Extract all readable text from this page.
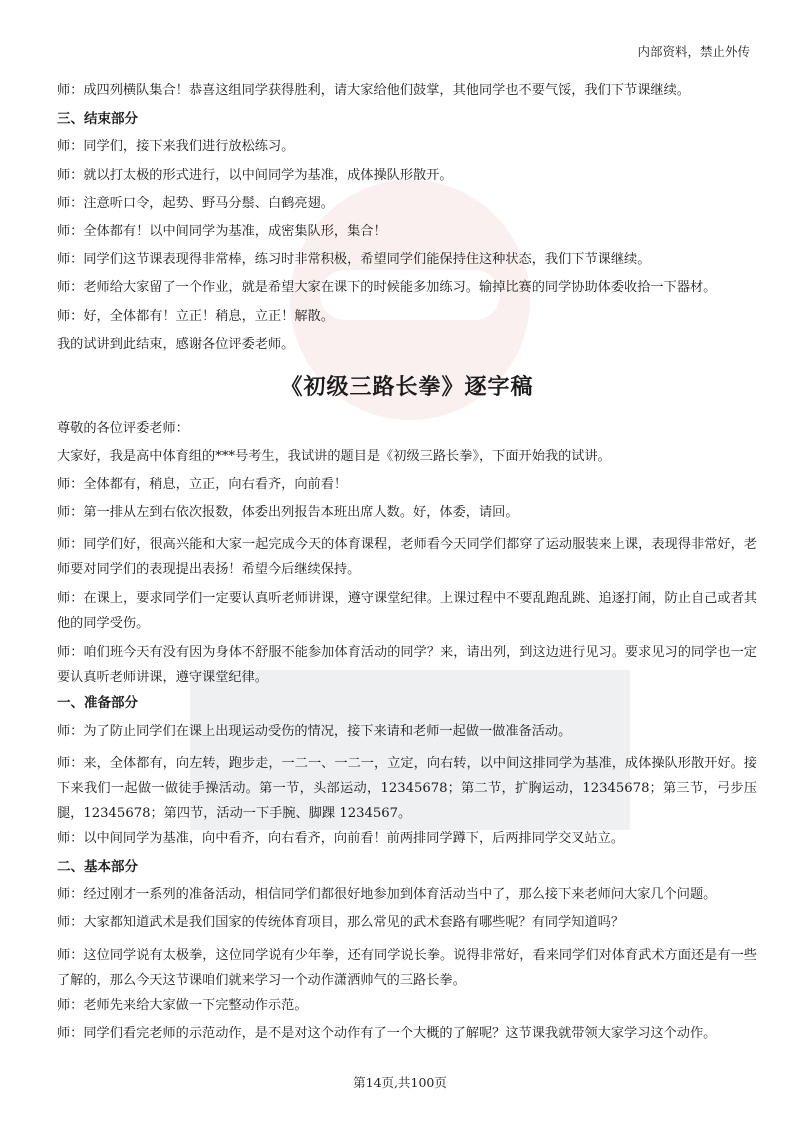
内部资料，禁止外传

师：成四列横队集合！恭喜这组同学获得胜利，请大家给他们鼓掌，其他同学也不要气馁，我们下节课继续。

三、结束部分

师：同学们，接下来我们进行放松练习。

师：就以打太极的形式进行，以中间同学为基准，成体操队形散开。

师：注意听口令，起势、野马分鬃、白鹤亮翅。

师：全体都有！以中间同学为基准，成密集队形，集合！

师：同学们这节课表现得非常棒，练习时非常积极，希望同学们能保持住这种状态，我们下节课继续。

师：老师给大家留了一个作业，就是希望大家在课下的时候能多加练习。输掉比赛的同学协助体委收拾一下器材。

师：好，全体都有！立正！稍息，立正！解散。

我的试讲到此结束，感谢各位评委老师。

《初级三路长拳》逐字稿

尊敬的各位评委老师：

大家好，我是高中体育组的***号考生，我试讲的题目是《初级三路长拳》，下面开始我的试讲。

师：全体都有，稍息，立正，向右看齐，向前看！

师：第一排从左到右依次报数，体委出列报告本班出席人数。好，体委，请回。

师：同学们好，很高兴能和大家一起完成今天的体育课程，老师看今天同学们都穿了运动服装来上课，表现得非常好，老师要对同学们的表现提出表扬！希望今后继续保持。

师：在课上，要求同学们一定要认真听老师讲课，遵守课堂纪律。上课过程中不要乱跑乱跳、追逐打闹，防止自己或者其他的同学受伤。

师：咱们班今天有没有因为身体不舒服不能参加体育活动的同学？来，请出列，到这边进行见习。要求见习的同学也一定要认真听老师讲课，遵守课堂纪律。

一、准备部分

师：为了防止同学们在课上出现运动受伤的情况，接下来请和老师一起做一做准备活动。

师：来，全体都有，向左转，跑步走，一二一、一二一，立定，向右转，以中间这排同学为基准，成体操队形散开好。接下来我们一起做一做徒手操活动。第一节，头部运动，12345678；第二节，扩胸运动，12345678；第三节，弓步压腿，12345678；第四节，活动一下手腕、脚踝 1234567。

师：以中间同学为基准，向中看齐，向右看齐，向前看！前两排同学蹲下，后两排同学交叉站立。

二、基本部分

师：经过刚才一系列的准备活动，相信同学们都很好地参加到体育活动当中了，那么接下来老师问大家几个问题。

师：大家都知道武术是我们国家的传统体育项目，那么常见的武术套路有哪些呢？有同学知道吗？

师：这位同学说有太极拳，这位同学说有少年拳，还有同学说长拳。说得非常好，看来同学们对体育武术方面还是有一些了解的，那么今天这节课咱们就来学习一个动作潇洒帅气的三路长拳。

师：老师先来给大家做一下完整动作示范。

师：同学们看完老师的示范动作，是不是对这个动作有了一个大概的了解呢？这节课我就带领大家学习这个动作。

第14页,共100页
